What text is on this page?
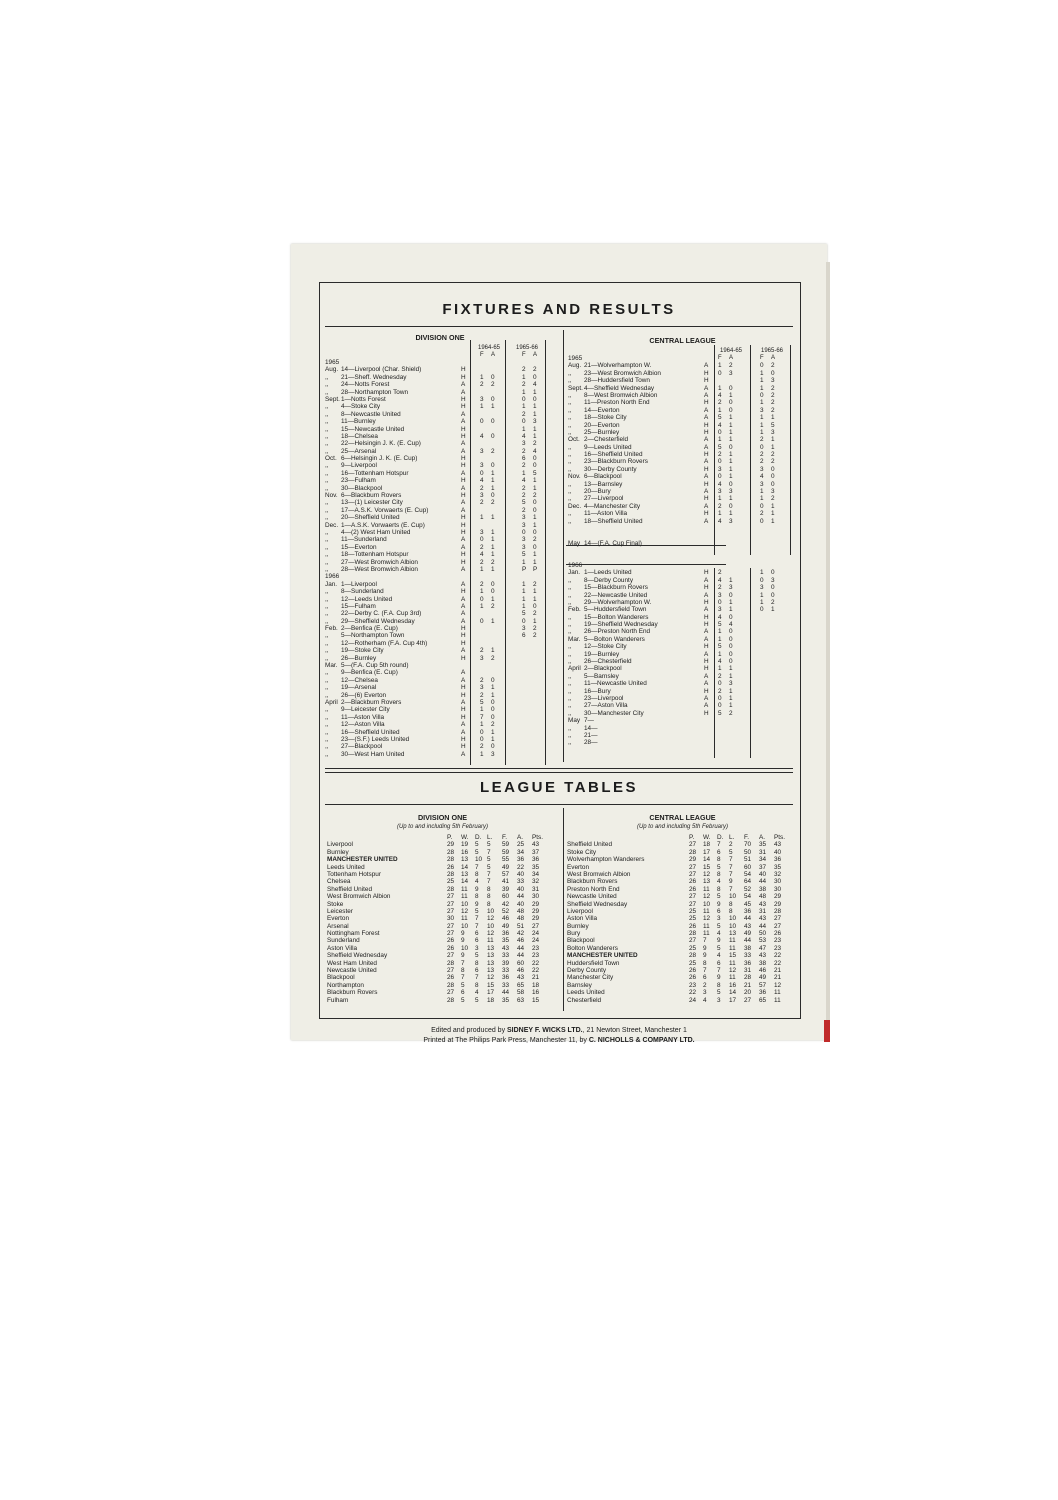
FIXTURES AND RESULTS
DIVISION ONE
1964-65	1965-66
F A	F A
1965
Aug. 14—Liverpool (Char. Shield)	H	2 2
,, 21—Sheff. Wednesday	H 1 0	1 0
,, 24—Notts Forest	A 2 2	2 4
,, 28—Northampton Town	A	1 1
Sept. 1—Notts Forest	H 3 0	0 0
,, 4—Stoke City	H 1 1	1 1
,, 8—Newcastle United	A	2 1
,, 11—Burnley	A 0 0	0 3
,, 15—Newcastle United	H	1 1
,, 18—Chelsea	H 4 0	4 1
,, 22—Helsingin J. K. (E. Cup)	A	3 2
,, 25—Arsenal	A 3 2	2 4
Oct. 6—Helsingin J. K. (E. Cup)	H	6 0
,, 9—Liverpool	H 3 0	2 0
,, 16—Tottenham Hotspur	A 0 1	1 5
,, 23—Fulham	H 4 1	4 1
,, 30—Blackpool	A 2 1	2 1
Nov. 6—Blackburn Rovers	H 3 0	2 2
,, 13—(1) Leicester City	A 2 2	5 0
,, 17—A.S.K. Vorwaerts (E. Cup)	A	2 0
,, 20—Sheffield United	H 1 1	3 1
Dec. 1—A.S.K. Vorwaerts (E. Cup)	H	3 1
,, 4—(2) West Ham United	H 3 1	0 0
,, 11—Sunderland	A 0 1	3 2
,, 15—Everton	A 2 1	3 0
,, 18—Tottenham Hotspur	H 4 1	5 1
,, 27—West Bromwich Albion	H 2 2	1 1
,, 28—West Bromwich Albion	A 1 1	P P
1966
Jan. 1—Liverpool	A 2 0	1 2
,, 8—Sunderland	H 1 0	1 1
,, 12—Leeds United	A 0 1	1 1
,, 15—Fulham	A 1 2	1 0
,, 22—Derby C. (F.A. Cup 3rd)	A	5 2
,, 29—Sheffield Wednesday	A 0 1	0 1
Feb. 2—Benfica (E. Cup)	H	3 2
,, 5—Northampton Town	H	6 2
,, 12—Rotherham (F.A. Cup 4th)	H
,, 19—Stoke City	A 2 1
,, 26—Burnley	H 3 2
Mar. 5—(F.A. Cup 5th round)
,, 9—Benfica (E. Cup)	A
,, 12—Chelsea	A 2 0
,, 19—Arsenal	H 3 1
,, 26—(6) Everton	H 2 1
April 2—Blackburn Rovers	A 5 0
,, 9—Leicester City	H 1 0
,, 11—Aston Villa	H 7 0
,, 12—Aston Villa	A 1 2
,, 16—Sheffield United	A 0 1
,, 23—(S.F.) Leeds United	H 0 1
,, 27—Blackpool	H 2 0
,, 30—West Ham United	A 1 3
CENTRAL LEAGUE
1964-65	1965-66
F A	F A
1965
Aug. 21—Wolverhampton W.	A 1 2	0 2
,, 23—West Bromwich Albion	H 0 3	1 0
,, 28—Huddersfield Town	H	1 3
Sept. 4—Sheffield Wednesday	A 1 0	1 2
,, 8—West Bromwich Albion	A 4 1	0 2
,, 11—Preston North End	H 2 0	1 2
,, 14—Everton	A 1 0	3 2
,, 18—Stoke City	A 5 1	1 1
,, 20—Everton	H 4 1	1 5
,, 25—Burnley	H 0 1	1 3
Oct. 2—Chesterfield	A 1 1	2 1
,, 9—Leeds United	A 5 0	0 1
,, 16—Sheffield United	H 2 1	2 2
,, 23—Blackburn Rovers	A 0 1	2 2
,, 30—Derby County	H 3 1	3 0
Nov. 6—Blackpool	A 0 1	4 0
,, 13—Barnsley	H 4 0	3 0
,, 20—Bury	A 3 3	1 3
,, 27—Liverpool	H 1 1	1 2
Dec. 4—Manchester City	A 2 0	0 1
,, 11—Aston Villa	H 1 1	2 1
,, 18—Sheffield United	A 4 3	0 1
May 14—(F.A. Cup Final)
1966
Jan. 1—Leeds United	H 2	1 0
,, 8—Derby County	A 4 1	0 3
,, 15—Blackburn Rovers	H 2 3	3 0
,, 22—Newcastle United	A 3 0	1 0
,, 29—Wolverhampton W.	H 0 1	1 2
Feb. 5—Huddersfield Town	A 3 1	0 1
,, 15—Bolton Wanderers	H 4 0
,, 19—Sheffield Wednesday	H 5 4
,, 26—Preston North End	A 1 0
Mar. 5—Bolton Wanderers	A 1 0
,, 12—Stoke City	H 5 0
,, 19—Burnley	A 1 0
,, 26—Chesterfield	H 4 0
April 2—Blackpool	H 1 1
,, 5—Barnsley	A 2 1
,, 11—Newcastle United	A 0 3
,, 16—Bury	H 2 1
,, 23—Liverpool	A 0 1
,, 27—Aston Villa	A 0 1
,, 30—Manchester City	H 5 2
May 7—
,, 14—
,, 21—
,, 28—
LEAGUE TABLES
DIVISION ONE
(Up to and including 5th February)
P. W. D. L. F. A. Pts.
Liverpool	29 19 5 5 59 25 43
Burnley	28 16 5 7 59 34 37
MANCHESTER UNITED	28 13 10 5 55 36 36
Leeds United	26 14 7 5 49 22 35
Tottenham Hotspur	28 13 8 7 57 40 34
Chelsea	25 14 4 7 41 33 32
Sheffield United	28 11 9 8 39 40 31
West Bromwich Albion	27 11 8 8 60 44 30
Stoke	27 10 9 8 42 40 29
Leicester	27 12 5 10 52 48 29
Everton	30 11 7 12 46 48 29
Arsenal	27 10 7 10 49 51 27
Nottingham Forest	27 9 6 12 36 42 24
Sunderland	26 9 6 11 35 46 24
Aston Villa	26 10 3 13 43 44 23
Sheffield Wednesday	27 9 5 13 33 44 23
West Ham United	28 7 8 13 39 60 22
Newcastle United	27 8 6 13 33 46 22
Blackpool	26 7 7 12 36 43 21
Northampton	28 5 8 15 33 65 18
Blackburn Rovers	27 6 4 17 44 58 16
Fulham	28 5 5 18 35 63 15
CENTRAL LEAGUE
(Up to and including 5th February)
P. W. D. L. F. A. Pts.
Sheffield United	27 18 7 2 70 35 43
Stoke City	28 17 6 5 50 31 40
Wolverhampton Wanderers	29 14 8 7 51 34 36
Everton	27 15 5 7 60 37 35
West Bromwich Albion	27 12 8 7 54 40 32
Blackburn Rovers	26 13 4 9 64 44 30
Preston North End	26 11 8 7 52 38 30
Newcastle United	27 12 5 10 54 48 29
Sheffield Wednesday	27 10 9 8 45 43 29
Liverpool	25 11 6 8 36 31 28
Aston Villa	25 12 3 10 44 43 27
Burnley	26 11 5 10 43 44 27
Bury	28 11 4 13 49 50 26
Blackpool	27 7 9 11 44 53 23
Bolton Wanderers	25 9 5 11 38 47 23
MANCHESTER UNITED	28 9 4 15 33 43 22
Huddersfield Town	25 8 6 11 36 38 22
Derby County	26 7 7 12 31 46 21
Manchester City	26 6 9 11 28 49 21
Barnsley	23 2 8 16 21 57 12
Leeds United	22 3 5 14 20 36 11
Chesterfield	24 4 3 17 27 65 11
Edited and produced by SIDNEY F. WICKS LTD., 21 Newton Street, Manchester 1
Printed at The Philips Park Press, Manchester 11, by C. NICHOLLS & COMPANY LTD.
